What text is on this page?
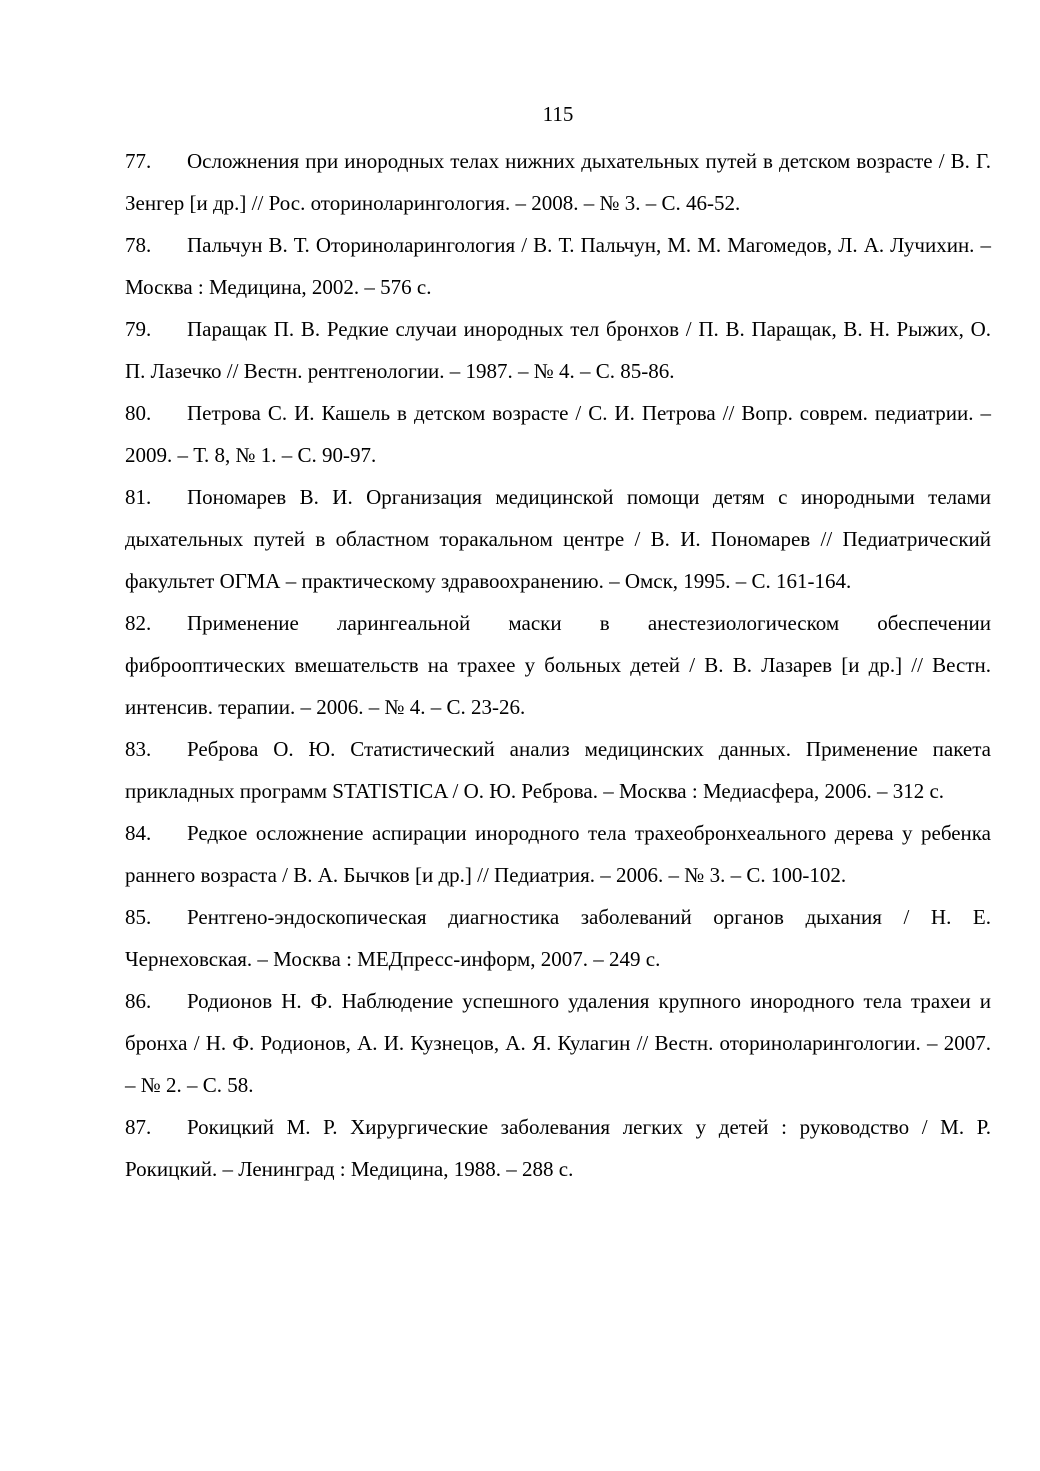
115
77. Осложнения при инородных телах нижних дыхательных путей в детском возрасте / В. Г. Зенгер [и др.] // Рос. оториноларингология. – 2008. – № 3. – С. 46-52.
78. Пальчун В. Т. Оториноларингология / В. Т. Пальчун, М. М. Магомедов, Л. А. Лучихин. – Москва : Медицина, 2002. – 576 с.
79. Паращак П. В. Редкие случаи инородных тел бронхов / П. В. Паращак, В. Н. Рыжих, О. П. Лазечко // Вестн. рентгенологии. – 1987. – № 4. – С. 85-86.
80. Петрова С. И. Кашель в детском возрасте / С. И. Петрова // Вопр. соврем. педиатрии. – 2009. – Т. 8, № 1. – С. 90-97.
81. Пономарев В. И. Организация медицинской помощи детям с инородными телами дыхательных путей в областном торакальном центре / В. И. Пономарев // Педиатрический факультет ОГМА – практическому здравоохранению. – Омск, 1995. – С. 161-164.
82. Применение ларингеальной маски в анестезиологическом обеспечении фиброоптических вмешательств на трахее у больных детей / В. В. Лазарев [и др.] // Вестн. интенсив. терапии. – 2006. – № 4. – С. 23-26.
83. Реброва О. Ю. Статистический анализ медицинских данных. Применение пакета прикладных программ STATISTICA / О. Ю. Реброва. – Москва : Медиасфера, 2006. – 312 с.
84. Редкое осложнение аспирации инородного тела трахеобронхеального дерева у ребенка раннего возраста / В. А. Бычков [и др.] // Педиатрия. – 2006. – № 3. – С. 100-102.
85. Рентгено-эндоскопическая диагностика заболеваний органов дыхания / Н. Е. Чернеховская. – Москва : МЕДпресс-информ, 2007. – 249 с.
86. Родионов Н. Ф. Наблюдение успешного удаления крупного инородного тела трахеи и бронха / Н. Ф. Родионов, А. И. Кузнецов, А. Я. Кулагин // Вестн. оториноларингологии. – 2007. – № 2. – С. 58.
87. Рокицкий М. Р. Хирургические заболевания легких у детей : руководство / М. Р. Рокицкий. – Ленинград : Медицина, 1988. – 288 с.
